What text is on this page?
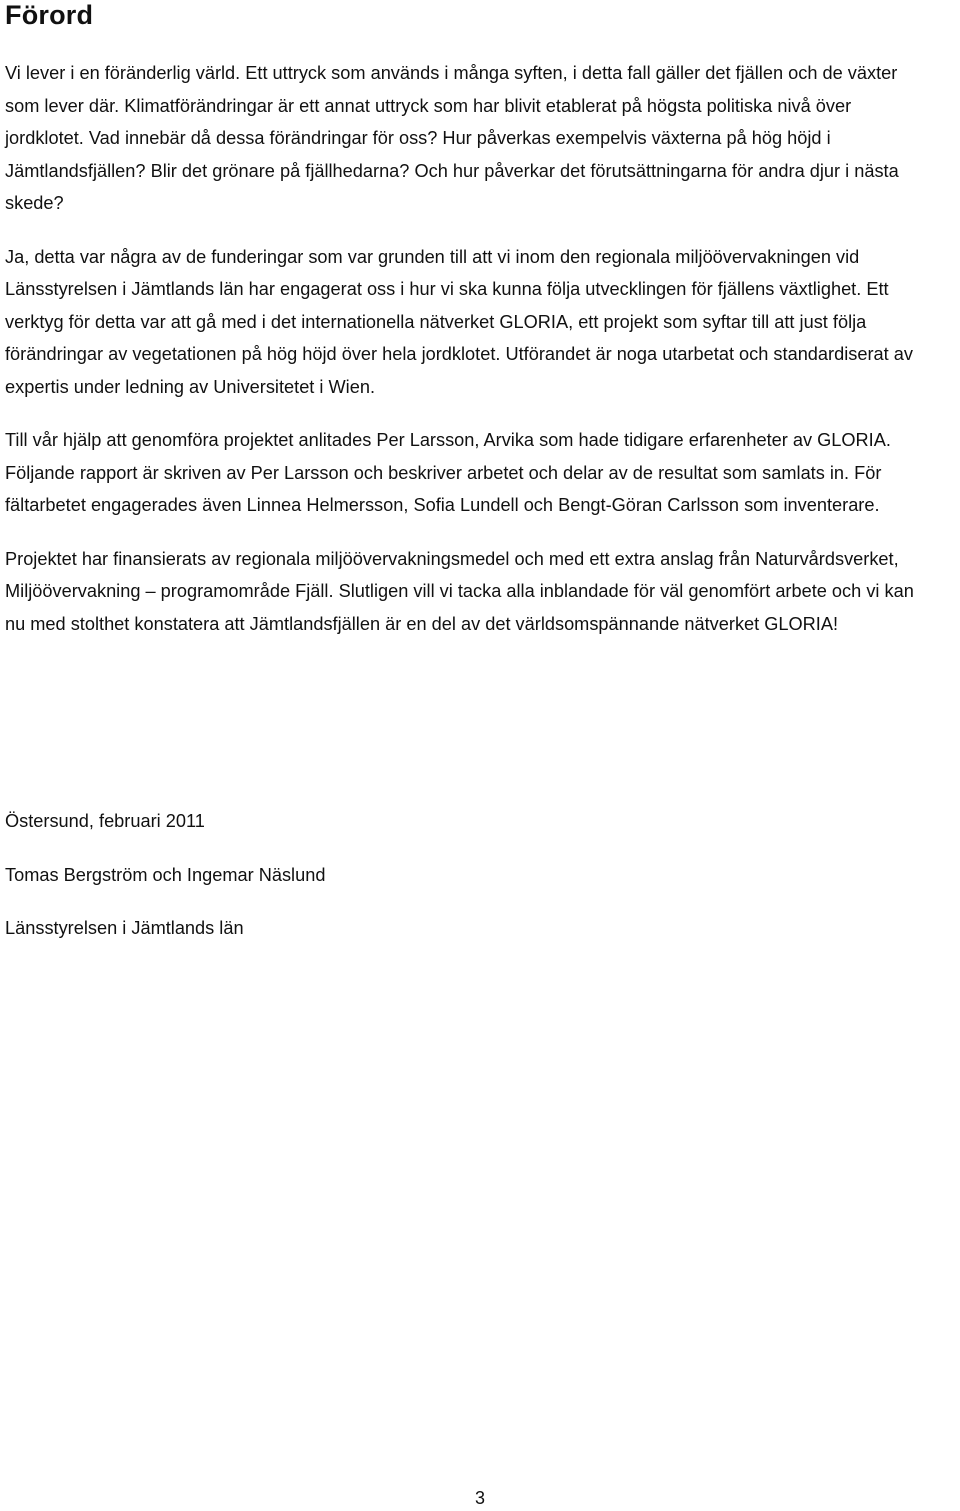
Förord

Vi lever i en föränderlig värld. Ett uttryck som används i många syften, i detta fall gäller det fjällen och de växter som lever där. Klimatförändringar är ett annat uttryck som har blivit etablerat på högsta politiska nivå över jordklotet. Vad innebär då dessa förändringar för oss? Hur påverkas exempelvis växterna på hög höjd i Jämtlandsfjällen? Blir det grönare på fjällhedarna? Och hur påverkar det förutsättningarna för andra djur i nästa skede?

Ja, detta var några av de funderingar som var grunden till att vi inom den regionala miljöövervakningen vid Länsstyrelsen i Jämtlands län har engagerat oss i hur vi ska kunna följa utvecklingen för fjällens växtlighet. Ett verktyg för detta var att gå med i det internationella nätverket GLORIA, ett projekt som syftar till att just följa förändringar av vegetationen på hög höjd över hela jordklotet. Utförandet är noga utarbetat och standardiserat av expertis under ledning av Universitetet i Wien.

Till vår hjälp att genomföra projektet anlitades Per Larsson, Arvika som hade tidigare erfarenheter av GLORIA. Följande rapport är skriven av Per Larsson och beskriver arbetet och delar av de resultat som samlats in. För fältarbetet engagerades även Linnea Helmersson, Sofia Lundell och Bengt-Göran Carlsson som inventerare.

Projektet har finansierats av regionala miljöövervakningsmedel och med ett extra anslag från Naturvårdsverket, Miljöövervakning – programområde Fjäll. Slutligen vill vi tacka alla inblandade för väl genomfört arbete och vi kan nu med stolthet konstatera att Jämtlandsfjällen är en del av det världsomspännande nätverket GLORIA!

Östersund, februari 2011

Tomas Bergström och Ingemar Näslund

Länsstyrelsen i Jämtlands län

3
